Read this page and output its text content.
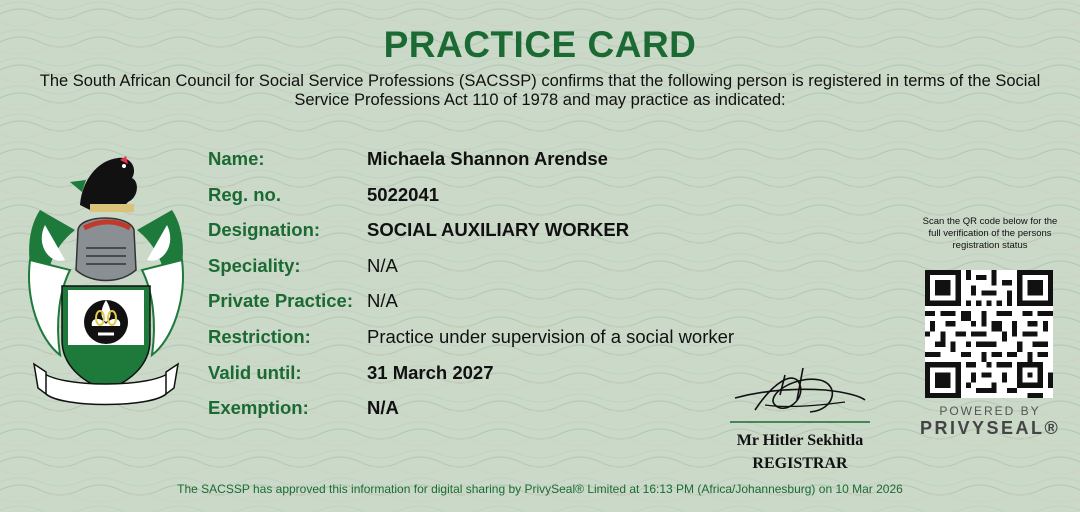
PRACTICE CARD
The South African Council for Social Service Professions (SACSSP) confirms that the following person is registered in terms of the Social Service Professions Act 110 of 1978 and may practice as indicated:
Name:	Michaela Shannon Arendse
Reg. no.	5022041
Designation:	SOCIAL AUXILIARY WORKER
Speciality:	N/A
Private Practice: N/A
Restriction:	Practice under supervision of a social worker
Valid until:	31 March 2027
Exemption:	N/A
Mr Hitler Sekhitla
REGISTRAR
Scan the QR code below for the full verification of the persons registration status
POWERED BY
PRIVYSEAL®
The SACSSP has approved this information for digital sharing by PrivySeal® Limited at 16:13 PM (Africa/Johannesburg) on 10 Mar 2026
